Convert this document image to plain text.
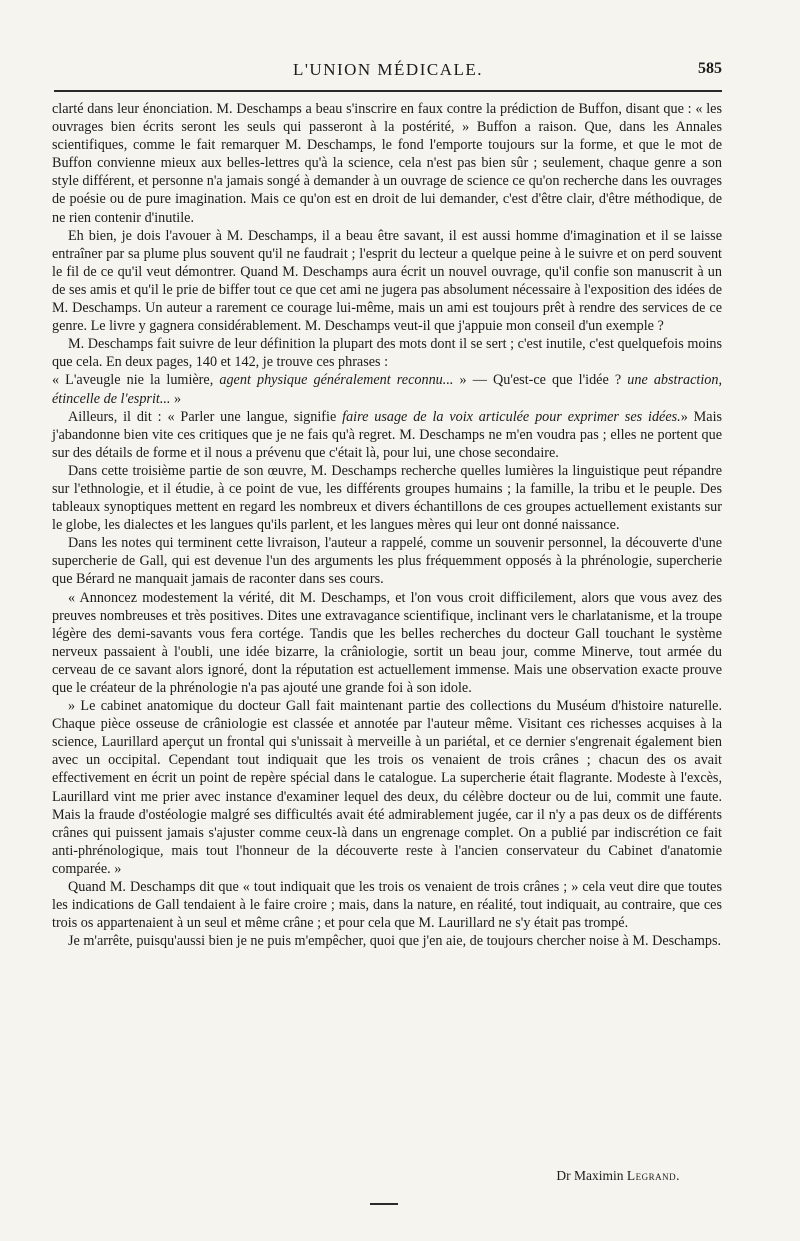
L'UNION MÉDICALE.	585

clarté dans leur énonciation. M. Deschamps a beau s'inscrire en faux contre la prédiction de Buffon, disant que : « les ouvrages bien écrits seront les seuls qui passeront à la postérité, » Buffon a raison. Que, dans les Annales scientifiques, comme le fait remarquer M. Deschamps, le fond l'emporte toujours sur la forme, et que le mot de Buffon convienne mieux aux belles-lettres qu'à la science, cela n'est pas bien sûr ; seulement, chaque genre a son style différent, et personne n'a jamais songé à demander à un ouvrage de science ce qu'on recherche dans les ouvrages de poésie ou de pure imagination. Mais ce qu'on est en droit de lui demander, c'est d'être clair, d'être méthodique, de ne rien contenir d'inutile.

Eh bien, je dois l'avouer à M. Deschamps, il a beau être savant, il est aussi homme d'imagination et il se laisse entraîner par sa plume plus souvent qu'il ne faudrait ; l'esprit du lecteur a quelque peine à le suivre et on perd souvent le fil de ce qu'il veut démontrer. Quand M. Deschamps aura écrit un nouvel ouvrage, qu'il confie son manuscrit à un de ses amis et qu'il le prie de biffer tout ce que cet ami ne jugera pas absolument nécessaire à l'exposition des idées de M. Deschamps. Un auteur a rarement ce courage lui-même, mais un ami est toujours prêt à rendre des services de ce genre. Le livre y gagnera considérablement. M. Deschamps veut-il que j'appuie mon conseil d'un exemple ?

M. Deschamps fait suivre de leur définition la plupart des mots dont il se sert ; c'est inutile, c'est quelquefois moins que cela. En deux pages, 140 et 142, je trouve ces phrases :

« L'aveugle nie la lumière, agent physique généralement reconnu... » — Qu'est-ce que l'idée ? une abstraction, étincelle de l'esprit... »

Ailleurs, il dit : « Parler une langue, signifie faire usage de la voix articulée pour exprimer ses idées.» Mais j'abandonne bien vite ces critiques que je ne fais qu'à regret. M. Deschamps ne m'en voudra pas ; elles ne portent que sur des détails de forme et il nous a prévenu que c'était là, pour lui, une chose secondaire.

Dans cette troisième partie de son œuvre, M. Deschamps recherche quelles lumières la linguistique peut répandre sur l'ethnologie, et il étudie, à ce point de vue, les différents groupes humains ; la famille, la tribu et le peuple. Des tableaux synoptiques mettent en regard les nombreux et divers échantillons de ces groupes actuellement existants sur le globe, les dialectes et les langues qu'ils parlent, et les langues mères qui leur ont donné naissance.

Dans les notes qui terminent cette livraison, l'auteur a rappelé, comme un souvenir personnel, la découverte d'une supercherie de Gall, qui est devenue l'un des arguments les plus fréquemment opposés à la phrénologie, supercherie que Bérard ne manquait jamais de raconter dans ses cours.

« Annoncez modestement la vérité, dit M. Deschamps, et l'on vous croit difficilement, alors que vous avez des preuves nombreuses et très positives. Dites une extravagance scientifique, inclinant vers le charlatanisme, et la troupe légère des demi-savants vous fera cortége. Tandis que les belles recherches du docteur Gall touchant le système nerveux passaient à l'oubli, une idée bizarre, la crâniologie, sortit un beau jour, comme Minerve, tout armée du cerveau de ce savant alors ignoré, dont la réputation est actuellement immense. Mais une observation exacte prouve que le créateur de la phrénologie n'a pas ajouté une grande foi à son idole.

» Le cabinet anatomique du docteur Gall fait maintenant partie des collections du Muséum d'histoire naturelle. Chaque pièce osseuse de crâniologie est classée et annotée par l'auteur même. Visitant ces richesses acquises à la science, Laurillard aperçut un frontal qui s'unissait à merveille à un pariétal, et ce dernier s'engrenait également bien avec un occipital. Cependant tout indiquait que les trois os venaient de trois crânes ; chacun des os avait effectivement en écrit un point de repère spécial dans le catalogue. La supercherie était flagrante. Modeste à l'excès, Laurillard vint me prier avec instance d'examiner lequel des deux, du célèbre docteur ou de lui, commit une faute. Mais la fraude d'ostéologie malgré ses difficultés avait été admirablement jugée, car il n'y a pas deux os de différents crânes qui puissent jamais s'ajuster comme ceux-là dans un engrenage complet. On a publié par indiscrétion ce fait anti-phrénologique, mais tout l'honneur de la découverte reste à l'ancien conservateur du Cabinet d'anatomie comparée. »

Quand M. Deschamps dit que « tout indiquait que les trois os venaient de trois crânes ; » cela veut dire que toutes les indications de Gall tendaient à le faire croire ; mais, dans la nature, en réalité, tout indiquait, au contraire, que ces trois os appartenaient à un seul et même crâne ; et pour cela que M. Laurillard ne s'y était pas trompé.

Je m'arrête, puisqu'aussi bien je ne puis m'empêcher, quoi que j'en aie, de toujours chercher noise à M. Deschamps.

Dr Maximin Legrand.
